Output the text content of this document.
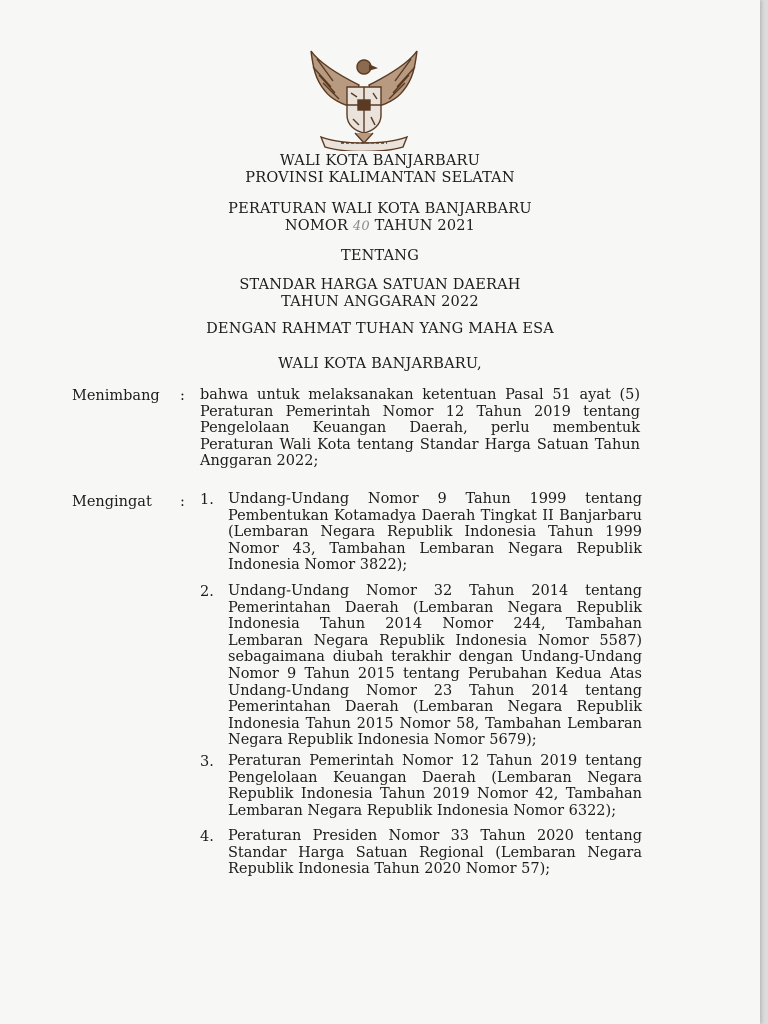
WALI KOTA BANJARBARU
PROVINSI KALIMANTAN SELATAN
PERATURAN WALI KOTA BANJARBARU
NOMOR 40 TAHUN 2021
TENTANG
STANDAR HARGA SATUAN DAERAH
TAHUN ANGGARAN 2022
DENGAN RAHMAT TUHAN YANG MAHA ESA
WALI KOTA BANJARBARU,
Menimbang : bahwa untuk melaksanakan ketentuan Pasal 51 ayat (5) Peraturan Pemerintah Nomor 12 Tahun 2019 tentang Pengelolaan Keuangan Daerah, perlu membentuk Peraturan Wali Kota tentang Standar Harga Satuan Tahun Anggaran 2022;
Mengingat : 1. Undang-Undang Nomor 9 Tahun 1999 tentang Pembentukan Kotamadya Daerah Tingkat II Banjarbaru (Lembaran Negara Republik Indonesia Tahun 1999 Nomor 43, Tambahan Lembaran Negara Republik Indonesia Nomor 3822);
2. Undang-Undang Nomor 32 Tahun 2014 tentang Pemerintahan Daerah (Lembaran Negara Republik Indonesia Tahun 2014 Nomor 244, Tambahan Lembaran Negara Republik Indonesia Nomor 5587) sebagaimana diubah terakhir dengan Undang-Undang Nomor 9 Tahun 2015 tentang Perubahan Kedua Atas Undang-Undang Nomor 23 Tahun 2014 tentang Pemerintahan Daerah (Lembaran Negara Republik Indonesia Tahun 2015 Nomor 58, Tambahan Lembaran Negara Republik Indonesia Nomor 5679);
3. Peraturan Pemerintah Nomor 12 Tahun 2019 tentang Pengelolaan Keuangan Daerah (Lembaran Negara Republik Indonesia Tahun 2019 Nomor 42, Tambahan Lembaran Negara Republik Indonesia Nomor 6322);
4. Peraturan Presiden Nomor 33 Tahun 2020 tentang Standar Harga Satuan Regional (Lembaran Negara Republik Indonesia Tahun 2020 Nomor 57);
